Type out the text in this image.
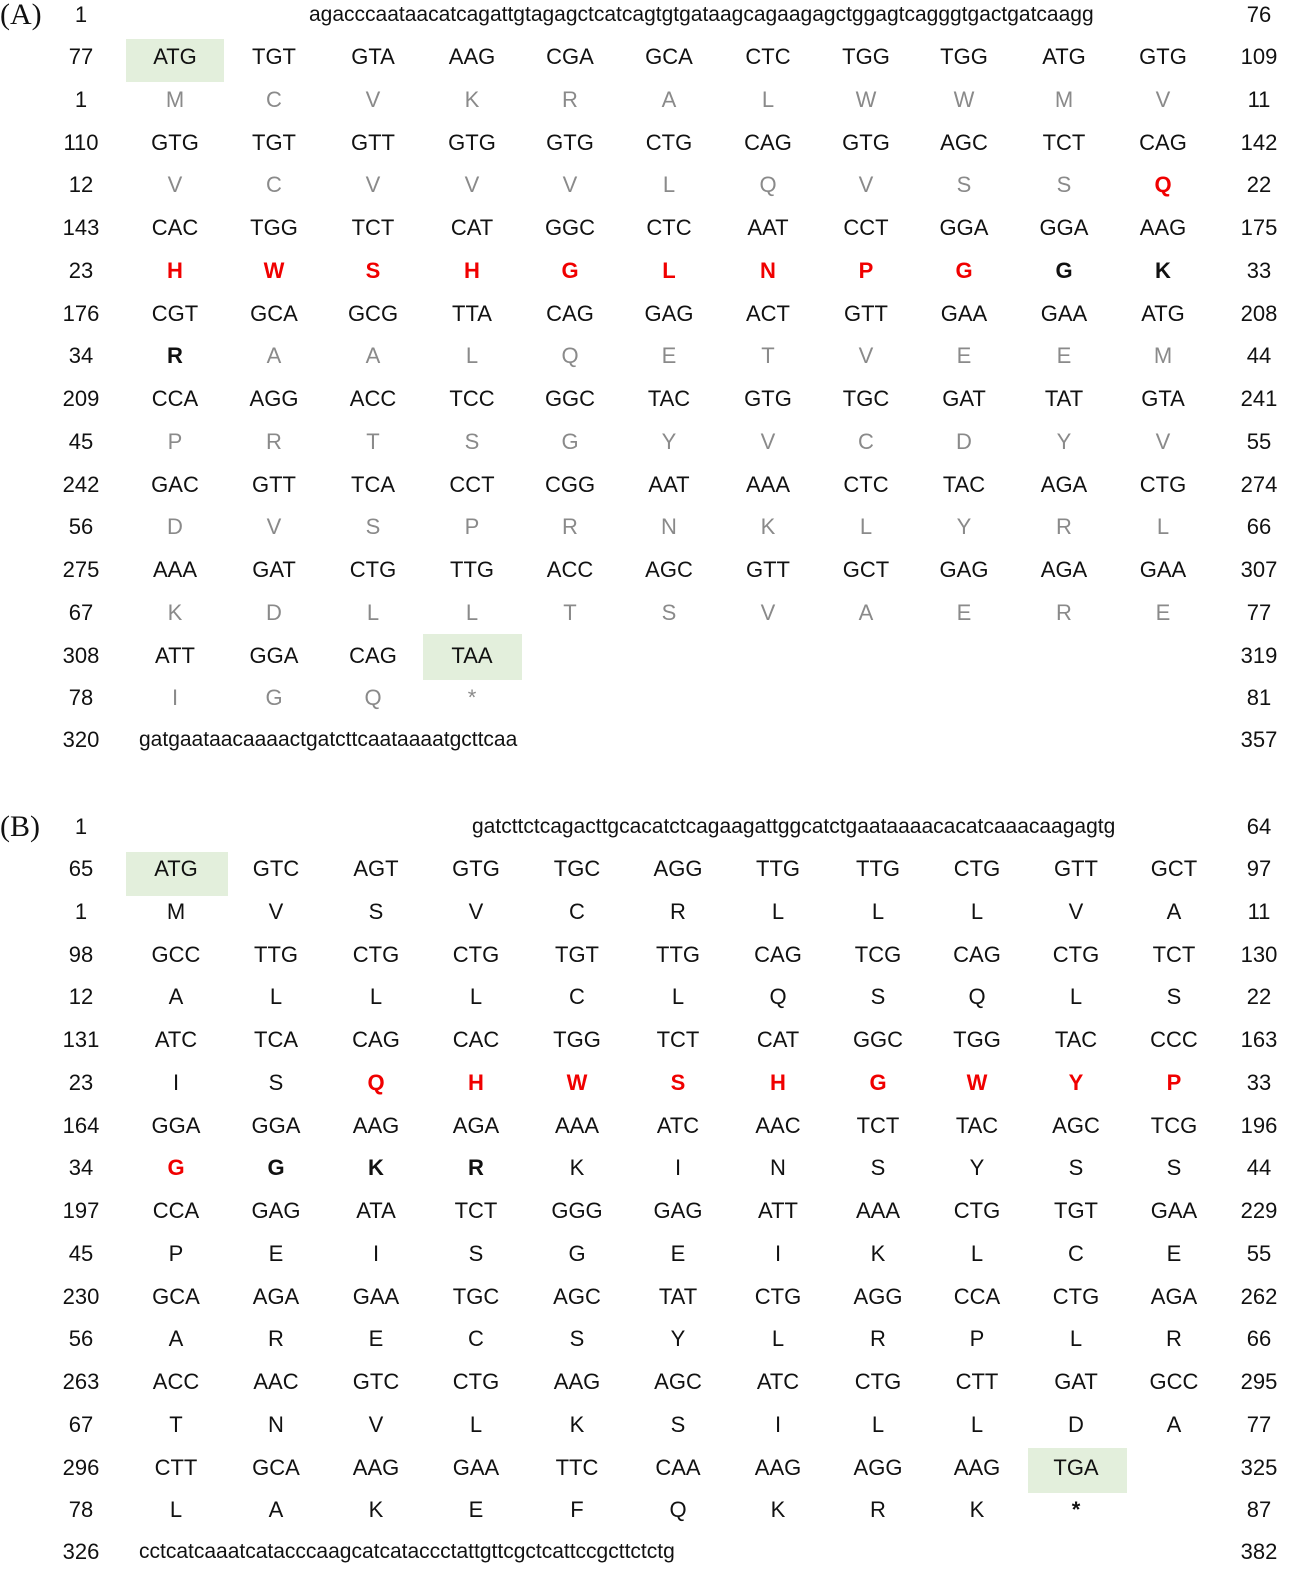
(A)	1	agacccaataacatcagattgtagagctcatcagtgtgataagcagaagagctggagtcagggtgactgatcaagg	76
77	ATG	TGT	GTA	AAG	CGA	GCA	CTC	TGG	TGG	ATG	GTG	109
1	M	C	V	K	R	A	L	W	W	M	V	11
110	GTG	TGT	GTT	GTG	GTG	CTG	CAG	GTG	AGC	TCT	CAG	142
12	V	C	V	V	V	L	Q	V	S	S	Q	22
143	CAC	TGG	TCT	CAT	GGC	CTC	AAT	CCT	GGA	GGA	AAG	175
23	H	W	S	H	G	L	N	P	G	G	K	33
176	CGT	GCA	GCG	TTA	CAG	GAG	ACT	GTT	GAA	GAA	ATG	208
34	R	A	A	L	Q	E	T	V	E	E	M	44
209	CCA	AGG	ACC	TCC	GGC	TAC	GTG	TGC	GAT	TAT	GTA	241
45	P	R	T	S	G	Y	V	C	D	Y	V	55
242	GAC	GTT	TCA	CCT	CGG	AAT	AAA	CTC	TAC	AGA	CTG	274
56	D	V	S	P	R	N	K	L	Y	R	L	66
275	AAA	GAT	CTG	TTG	ACC	AGC	GTT	GCT	GAG	AGA	GAA	307
67	K	D	L	L	T	S	V	A	E	R	E	77
308	ATT	GGA	CAG	TAA	319
78	I	G	Q	*	81
320	gatgaataacaaaactgatcttcaataaaatgcttcaa	357
(B)	1	gatcttctcagacttgcacatctcagaagattggcatctgaataaaacacatcaaacaagagtg	64
65	ATG	GTC	AGT	GTG	TGC	AGG	TTG	TTG	CTG	GTT	GCT	97
1	M	V	S	V	C	R	L	L	L	V	A	11
98	GCC	TTG	CTG	CTG	TGT	TTG	CAG	TCG	CAG	CTG	TCT	130
12	A	L	L	L	C	L	Q	S	Q	L	S	22
131	ATC	TCA	CAG	CAC	TGG	TCT	CAT	GGC	TGG	TAC	CCC	163
23	I	S	Q	H	W	S	H	G	W	Y	P	33
164	GGA	GGA	AAG	AGA	AAA	ATC	AAC	TCT	TAC	AGC	TCG	196
34	G	G	K	R	K	I	N	S	Y	S	S	44
197	CCA	GAG	ATA	TCT	GGG	GAG	ATT	AAA	CTG	TGT	GAA	229
45	P	E	I	S	G	E	I	K	L	C	E	55
230	GCA	AGA	GAA	TGC	AGC	TAT	CTG	AGG	CCA	CTG	AGA	262
56	A	R	E	C	S	Y	L	R	P	L	R	66
263	ACC	AAC	GTC	CTG	AAG	AGC	ATC	CTG	CTT	GAT	GCC	295
67	T	N	V	L	K	S	I	L	L	D	A	77
296	CTT	GCA	AAG	GAA	TTC	CAA	AAG	AGG	AAG	TGA	325
78	L	A	K	E	F	Q	K	R	K	*	87
326	cctcatcaaatcatacccaagcatcataccctattgttcgctcattccgcttctctg	382
